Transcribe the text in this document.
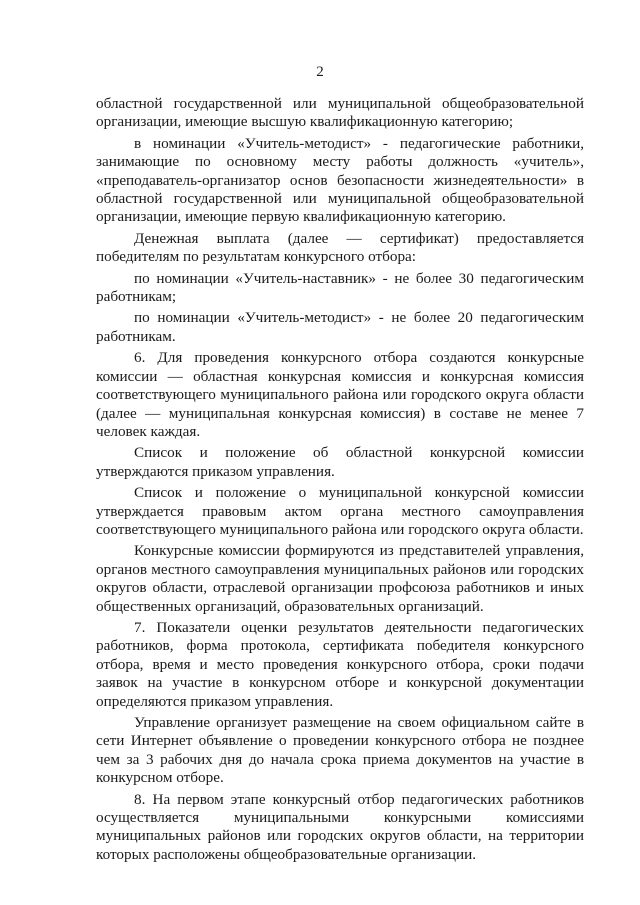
2

областной государственной или муниципальной общеобразовательной организации, имеющие высшую квалификационную категорию;

в номинации «Учитель-методист» - педагогические работники, занимающие по основному месту работы должность «учитель», «преподаватель-организатор основ безопасности жизнедеятельности» в областной государственной или муниципальной общеобразовательной организации, имеющие первую квалификационную категорию.

Денежная выплата (далее — сертификат) предоставляется победителям по результатам конкурсного отбора:

по номинации «Учитель-наставник» - не более 30 педагогическим работникам;

по номинации «Учитель-методист» - не более 20 педагогическим работникам.

6. Для проведения конкурсного отбора создаются конкурсные комиссии — областная конкурсная комиссия и конкурсная комиссия соответствующего муниципального района или городского округа области (далее — муниципальная конкурсная комиссия) в составе не менее 7 человек каждая.

Список и положение об областной конкурсной комиссии утверждаются приказом управления.

Список и положение о муниципальной конкурсной комиссии утверждается правовым актом органа местного самоуправления соответствующего муниципального района или городского округа области.

Конкурсные комиссии формируются из представителей управления, органов местного самоуправления муниципальных районов или городских округов области, отраслевой организации профсоюза работников и иных общественных организаций, образовательных организаций.

7. Показатели оценки результатов деятельности педагогических работников, форма протокола, сертификата победителя конкурсного отбора, время и место проведения конкурсного отбора, сроки подачи заявок на участие в конкурсном отборе и конкурсной документации определяются приказом управления.

Управление организует размещение на своем официальном сайте в сети Интернет объявление о проведении конкурсного отбора не позднее чем за 3 рабочих дня до начала срока приема документов на участие в конкурсном отборе.

8. На первом этапе конкурсный отбор педагогических работников осуществляется муниципальными конкурсными комиссиями муниципальных районов или городских округов области, на территории которых расположены общеобразовательные организации.
